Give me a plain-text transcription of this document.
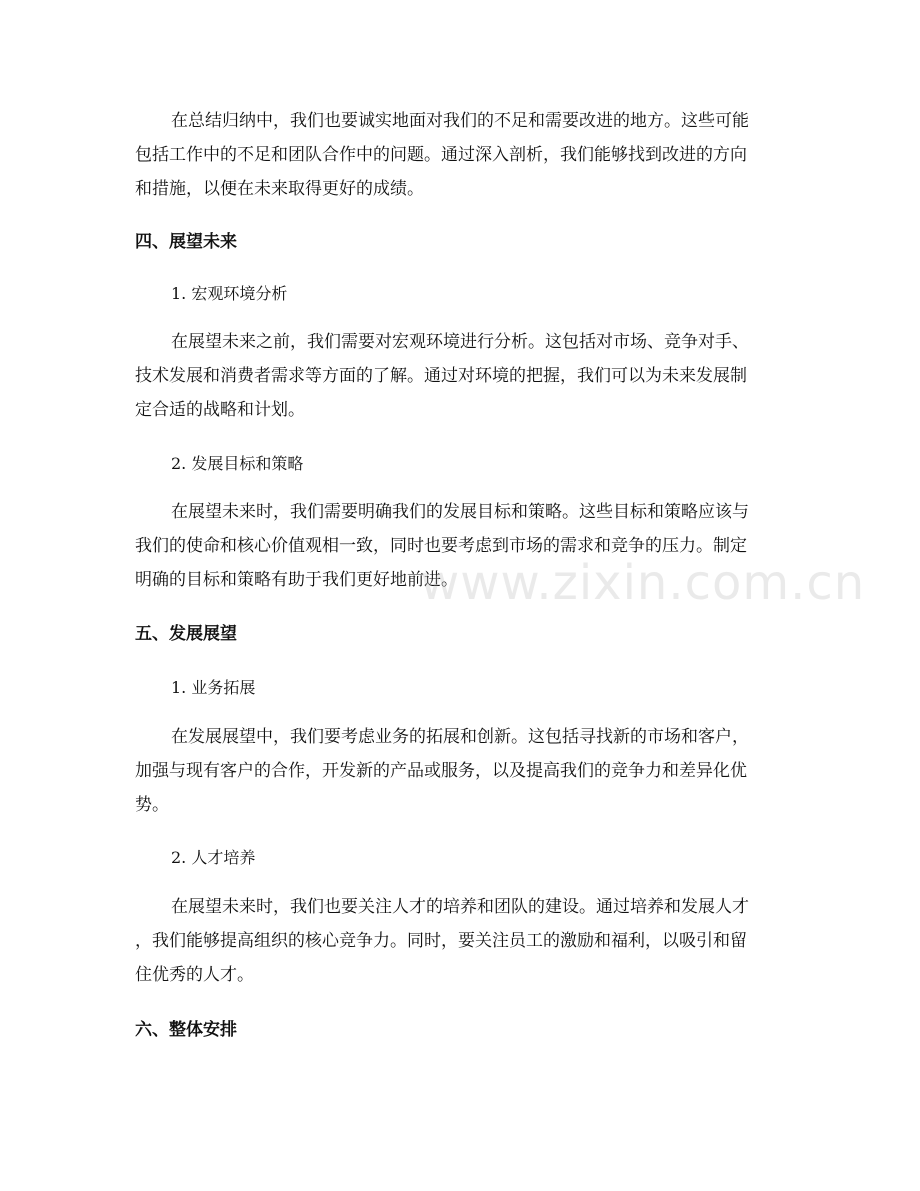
在总结归纳中，我们也要诚实地面对我们的不足和需要改进的地方。这些可能
包括工作中的不足和团队合作中的问题。通过深入剖析，我们能够找到改进的方向
和措施，以便在未来取得更好的成绩。

四、展望未来

1. 宏观环境分析

在展望未来之前，我们需要对宏观环境进行分析。这包括对市场、竞争对手、
技术发展和消费者需求等方面的了解。通过对环境的把握，我们可以为未来发展制
定合适的战略和计划。

2. 发展目标和策略

在展望未来时，我们需要明确我们的发展目标和策略。这些目标和策略应该与
我们的使命和核心价值观相一致，同时也要考虑到市场的需求和竞争的压力。制定
明确的目标和策略有助于我们更好地前进。

五、发展展望

1. 业务拓展

在发展展望中，我们要考虑业务的拓展和创新。这包括寻找新的市场和客户，
加强与现有客户的合作，开发新的产品或服务，以及提高我们的竞争力和差异化优
势。

2. 人才培养

在展望未来时，我们也要关注人才的培养和团队的建设。通过培养和发展人才
，我们能够提高组织的核心竞争力。同时，要关注员工的激励和福利，以吸引和留
住优秀的人才。

六、整体安排
www.zixin.com.cn
